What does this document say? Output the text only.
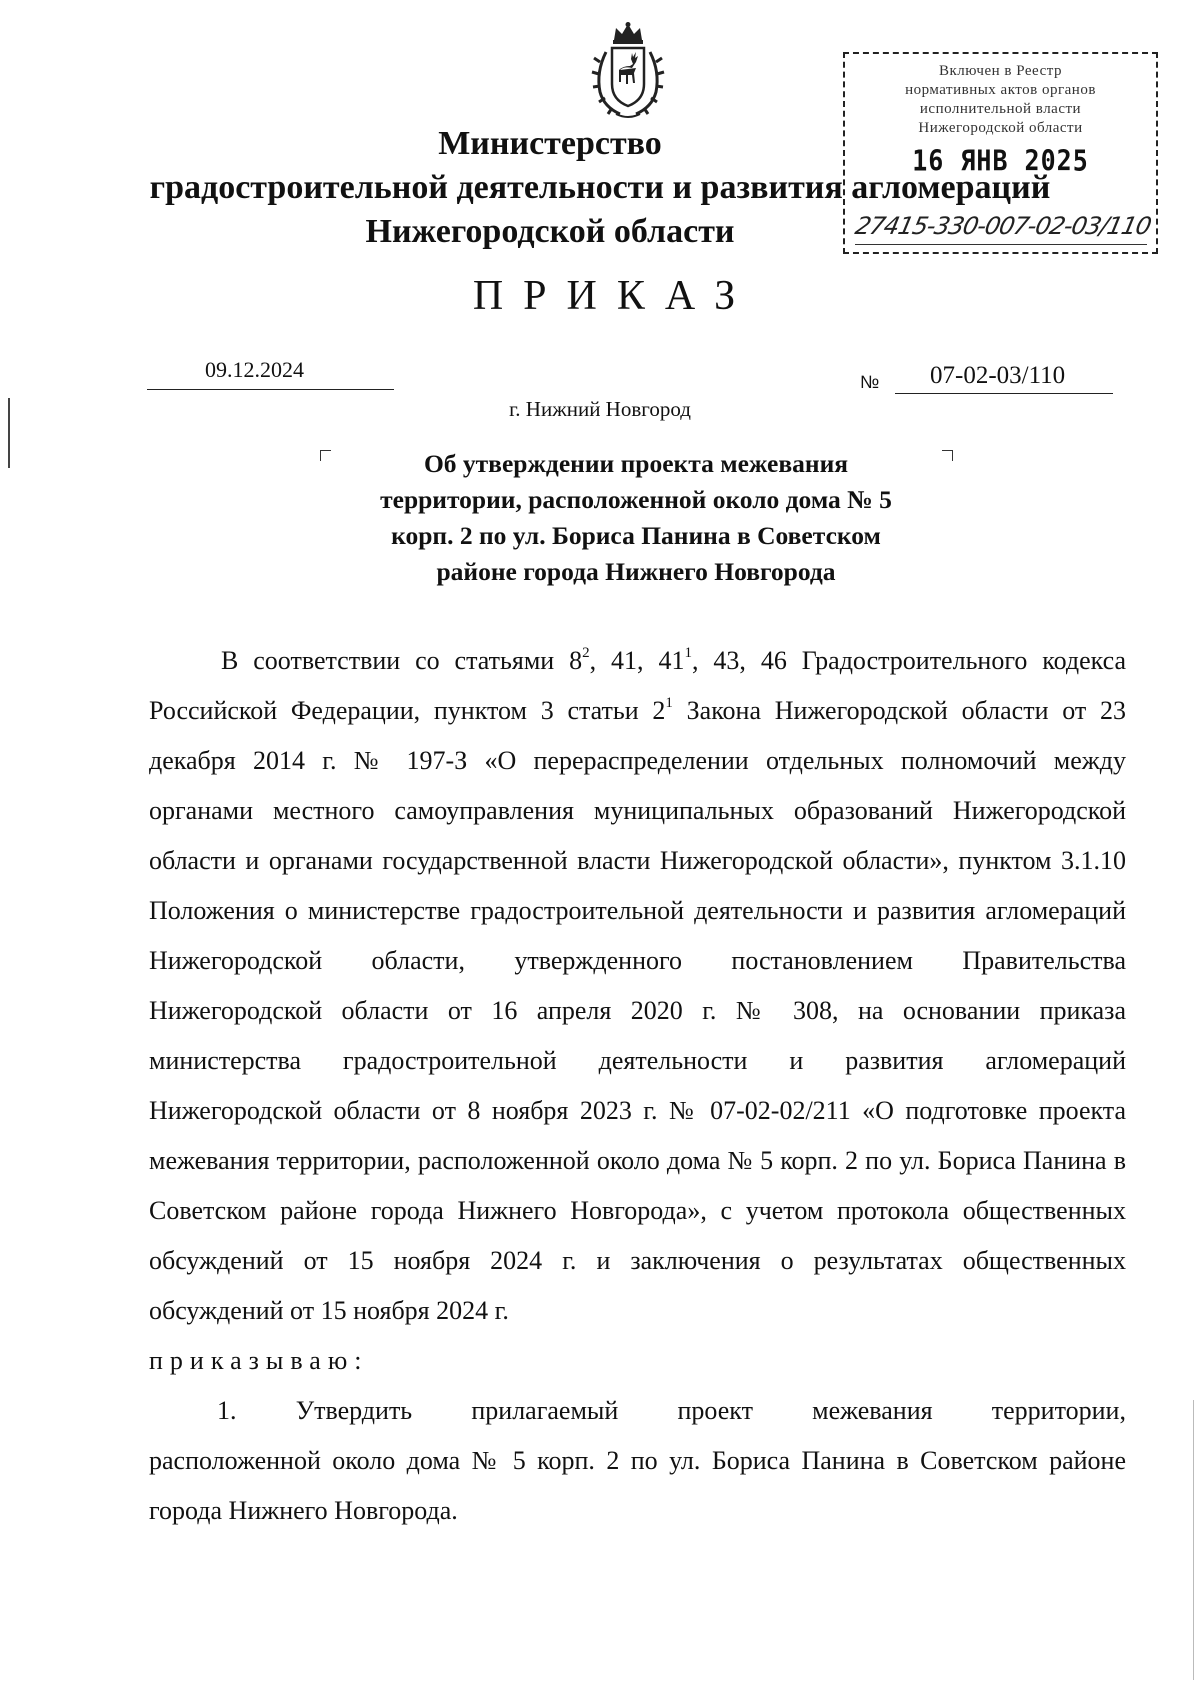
Министерство
градостроительной деятельности и развития агломераций
Нижегородской области
Включен в Реестр
нормативных актов органов
исполнительной власти
Нижегородской области
16 ЯНВ 2025
27415-330-007-02-03/110
ПРИКАЗ
09.12.2024	№ 07-02-03/110
г. Нижний Новгород
Об утверждении проекта межевания
территории, расположенной около дома № 5
корп. 2 по ул. Бориса Панина в Советском
районе города Нижнего Новгорода

В соответствии со статьями $8^2$, 41, $41^1$, 43, 46 Градостроительного кодекса Российской Федерации, пунктом 3 статьи $2^1$ Закона Нижегородской области от 23 декабря 2014 г. № 197-З «О перераспределении отдельных полномочий между органами местного самоуправления муниципальных образований Нижегородской области и органами государственной власти Нижегородской области», пунктом 3.1.10 Положения о министерстве градостроительной деятельности и развития агломераций Нижегородской области, утвержденного постановлением Правительства Нижегородской области от 16 апреля 2020 г. № 308, на основании приказа министерства градостроительной деятельности и развития агломераций Нижегородской области от 8 ноября 2023 г. № 07-02-02/211 «О подготовке проекта межевания территории, расположенной около дома № 5 корп. 2 по ул. Бориса Панина в Советском районе города Нижнего Новгорода», с учетом протокола общественных обсуждений от 15 ноября 2024 г. и заключения о результатах общественных обсуждений от 15 ноября 2024 г.

приказываю:

1. Утвердить прилагаемый проект межевания территории,

расположенной около дома № 5 корп. 2 по ул. Бориса Панина в Советском районе города Нижнего Новгорода.
